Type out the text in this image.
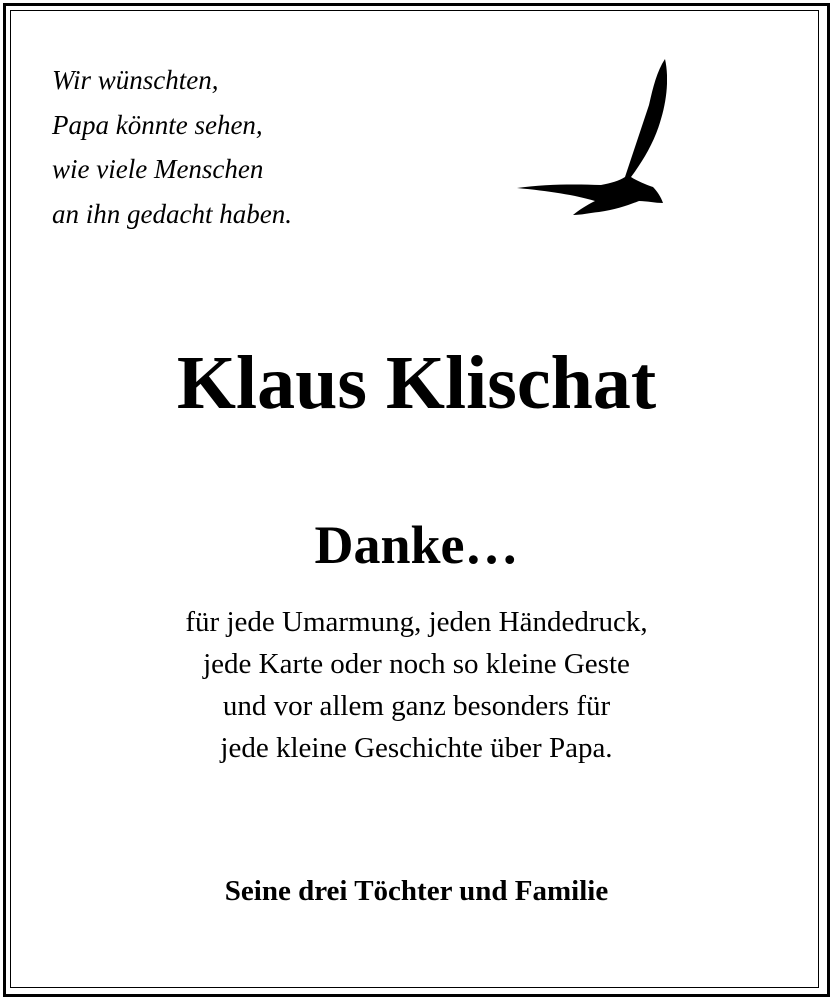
Wir wünschten,
Papa könnte sehen,
wie viele Menschen
an ihn gedacht haben.
Klaus Klischat
Danke…
für jede Umarmung, jeden Händedruck,
jede Karte oder noch so kleine Geste
und vor allem ganz besonders für
jede kleine Geschichte über Papa.

Seine drei Töchter und Familie
